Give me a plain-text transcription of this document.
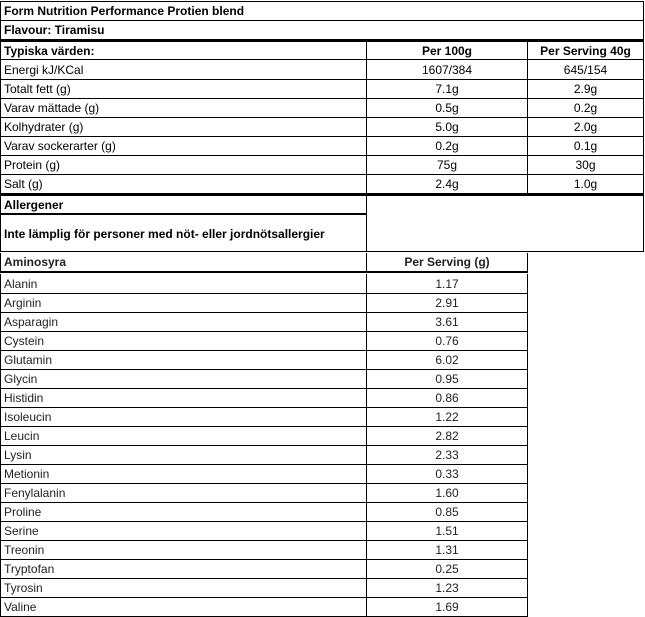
Form Nutrition Performance Protien blend
Flavour: Tiramisu
Typiska värden:	Per 100g	Per Serving 40g
Energi kJ/KCal	1607/384	645/154
Totalt fett (g)	7.1g	2.9g
Varav mättade (g)	0.5g	0.2g
Kolhydrater (g)	5.0g	2.0g
Varav sockerarter (g)	0.2g	0.1g
Protein (g)	75g	30g
Salt (g)	2.4g	1.0g
Allergener
Inte lämplig för personer med nöt- eller jordnötsallergier
Aminosyra	Per Serving (g)
Alanin	1.17
Arginin	2.91
Asparagin	3.61
Cystein	0.76
Glutamin	6.02
Glycin	0.95
Histidin	0.86
Isoleucin	1.22
Leucin	2.82
Lysin	2.33
Metionin	0.33
Fenylalanin	1.60
Proline	0.85
Serine	1.51
Treonin	1.31
Tryptofan	0.25
Tyrosin	1.23
Valine	1.69
